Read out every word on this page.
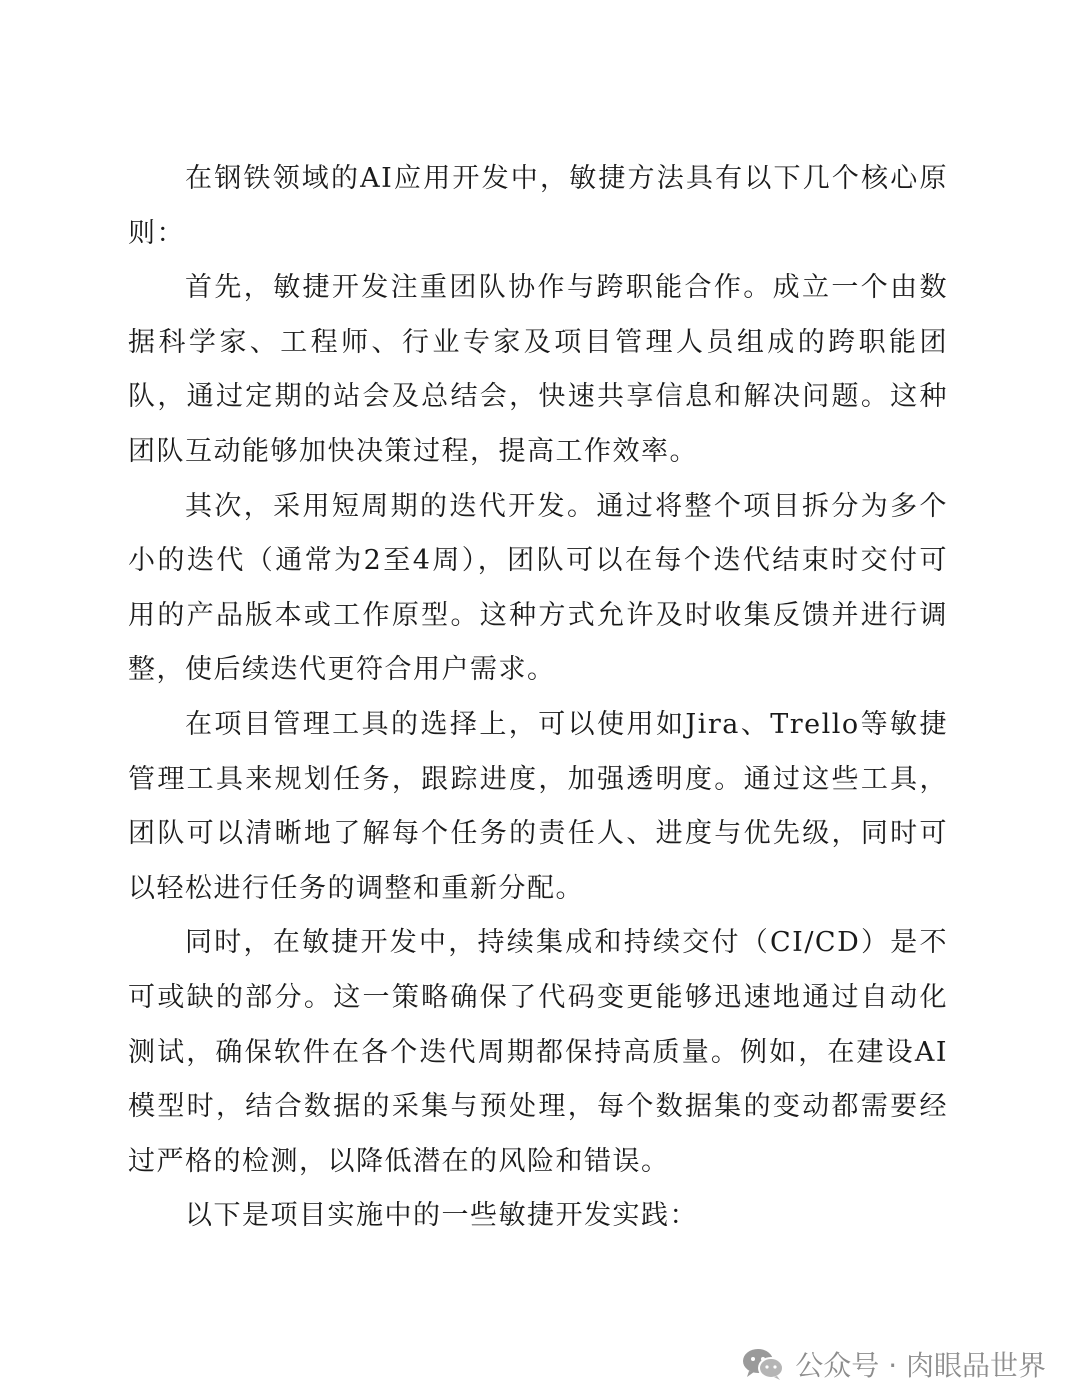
在钢铁领域的AI应用开发中，敏捷方法具有以下几个核心原则：

首先，敏捷开发注重团队协作与跨职能合作。成立一个由数据科学家、工程师、行业专家及项目管理人员组成的跨职能团队，通过定期的站会及总结会，快速共享信息和解决问题。这种团队互动能够加快决策过程，提高工作效率。

其次，采用短周期的迭代开发。通过将整个项目拆分为多个小的迭代（通常为2至4周），团队可以在每个迭代结束时交付可用的产品版本或工作原型。这种方式允许及时收集反馈并进行调整，使后续迭代更符合用户需求。

在项目管理工具的选择上，可以使用如Jira、Trello等敏捷管理工具来规划任务，跟踪进度，加强透明度。通过这些工具，团队可以清晰地了解每个任务的责任人、进度与优先级，同时可以轻松进行任务的调整和重新分配。

同时，在敏捷开发中，持续集成和持续交付（CI/CD）是不可或缺的部分。这一策略确保了代码变更能够迅速地通过自动化测试，确保软件在各个迭代周期都保持高质量。例如，在建设AI模型时，结合数据的采集与预处理，每个数据集的变动都需要经过严格的检测，以降低潜在的风险和错误。

以下是项目实施中的一些敏捷开发实践：

公众号 · 肉眼品世界
